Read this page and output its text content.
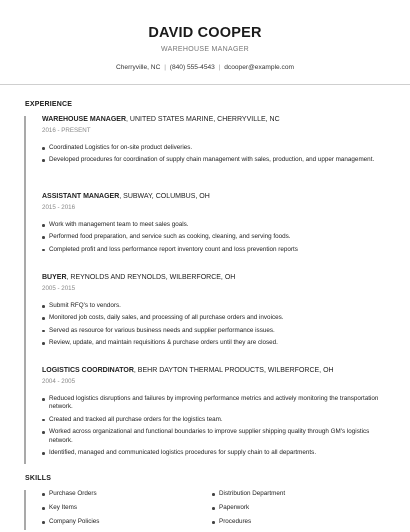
DAVID COOPER
WAREHOUSE MANAGER
Cherryville, NC | (840) 555-4543 | dcooper@example.com
EXPERIENCE
WAREHOUSE MANAGER, UNITED STATES MARINE, CHERRYVILLE, NC
2016 - PRESENT
Coordinated Logistics for on-site product deliveries.
Developed procedures for coordination of supply chain management with sales, production, and upper management.
ASSISTANT MANAGER, SUBWAY, COLUMBUS, OH
2015 - 2016
Work with management team to meet sales goals.
Performed food preparation, and service such as cooking, cleaning, and serving foods.
Completed profit and loss performance report inventory count and loss prevention reports
BUYER, REYNOLDS AND REYNOLDS, WILBERFORCE, OH
2005 - 2015
Submit RFQ's to vendors.
Monitored job costs, daily sales, and processing of all purchase orders and invoices.
Served as resource for various business needs and supplier performance issues.
Review, update, and maintain requisitions & purchase orders until they are closed.
LOGISTICS COORDINATOR, BEHR DAYTON THERMAL PRODUCTS, WILBERFORCE, OH
2004 - 2005
Reduced logistics disruptions and failures by improving performance metrics and actively monitoring the transportation network.
Created and tracked all purchase orders for the logistics team.
Worked across organizational and functional boundaries to improve supplier shipping quality through GM's logistics network.
Identified, managed and communicated logistics procedures for supply chain to all departments.
SKILLS
Purchase Orders	Distribution Department
Key Items	Paperwork
Company Policies	Procedures
